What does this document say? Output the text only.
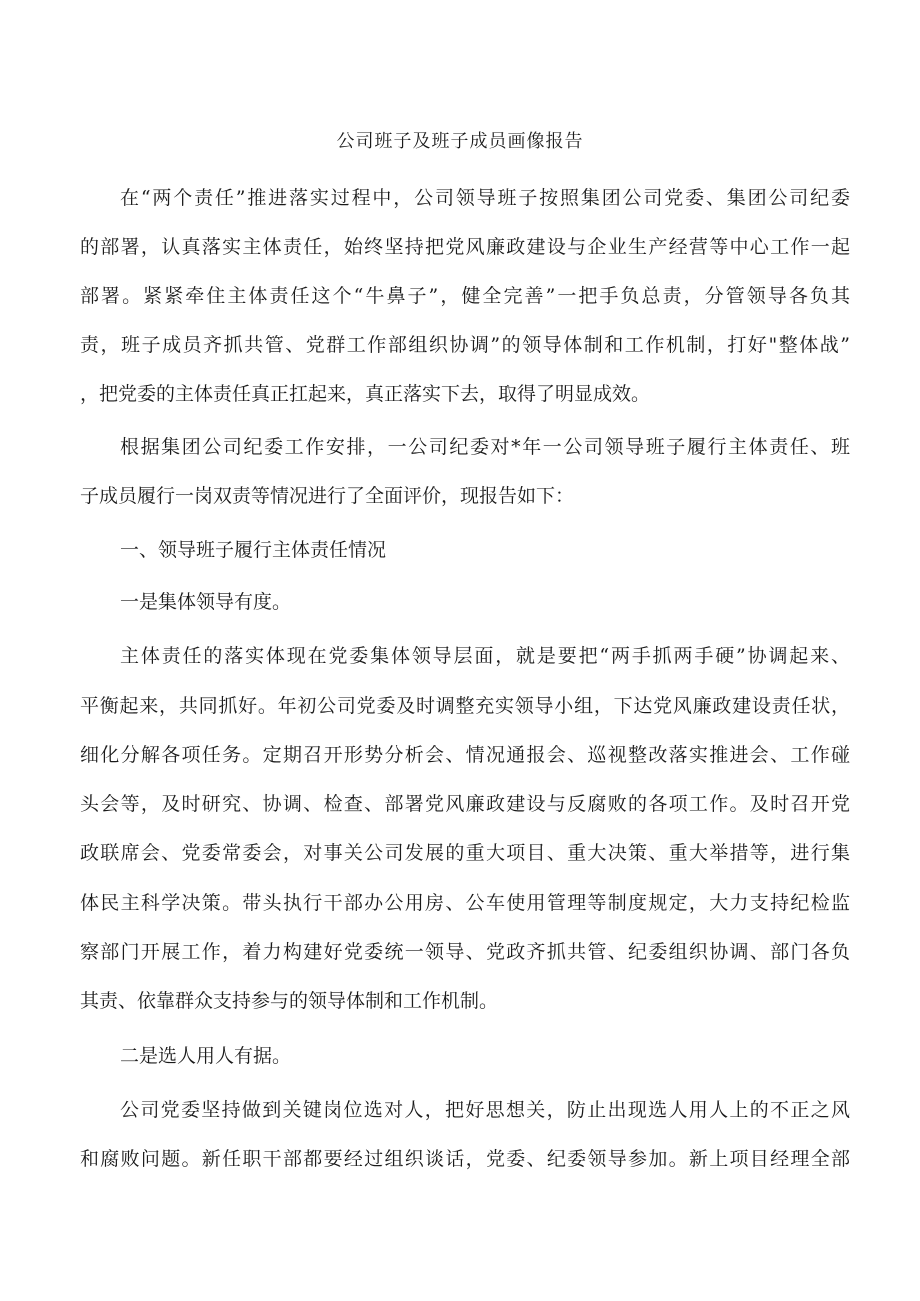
公司班子及班子成员画像报告

在“两个责任”推进落实过程中，公司领导班子按照集团公司党委、集团公司纪委

的部署，认真落实主体责任，始终坚持把党风廉政建设与企业生产经营等中心工作一起

部署。紧紧牵住主体责任这个“牛鼻子”，健全完善”一把手负总责，分管领导各负其

责，班子成员齐抓共管、党群工作部组织协调”的领导体制和工作机制，打好"整体战”

，把党委的主体责任真正扛起来，真正落实下去，取得了明显成效。

根据集团公司纪委工作安排，一公司纪委对*年一公司领导班子履行主体责任、班

子成员履行一岗双责等情况进行了全面评价，现报告如下：

一、领导班子履行主体责任情况

一是集体领导有度。

主体责任的落实体现在党委集体领导层面，就是要把“两手抓两手硬”协调起来、

平衡起来，共同抓好。年初公司党委及时调整充实领导小组，下达党风廉政建设责任状，

细化分解各项任务。定期召开形势分析会、情况通报会、巡视整改落实推进会、工作碰

头会等，及时研究、协调、检查、部署党风廉政建设与反腐败的各项工作。及时召开党

政联席会、党委常委会，对事关公司发展的重大项目、重大决策、重大举措等，进行集

体民主科学决策。带头执行干部办公用房、公车使用管理等制度规定，大力支持纪检监

察部门开展工作，着力构建好党委统一领导、党政齐抓共管、纪委组织协调、部门各负

其责、依靠群众支持参与的领导体制和工作机制。

二是选人用人有据。

公司党委坚持做到关键岗位选对人，把好思想关，防止出现选人用人上的不正之风

和腐败问题。新任职干部都要经过组织谈话，党委、纪委领导参加。新上项目经理全部
